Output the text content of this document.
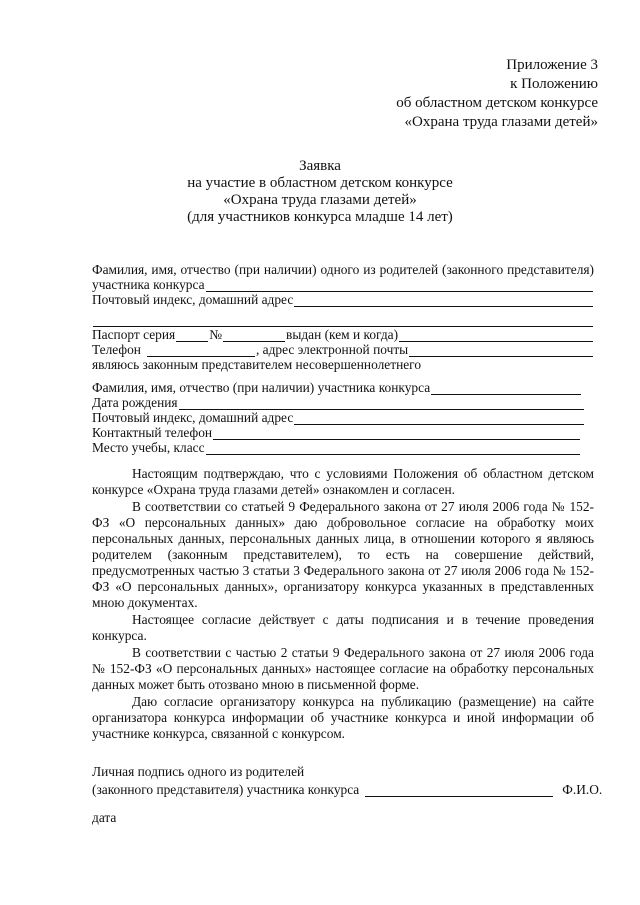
Приложение 3
к Положению
об областном детском конкурсе
«Охрана труда глазами детей»
Заявка
на участие в областном детском конкурсе
«Охрана труда глазами детей»
(для участников конкурса младше 14 лет)
Фамилия, имя, отчество (при наличии) одного из родителей (законного представителя)
участника конкурса
Почтовый индекс, домашний адрес
Паспорт серия	№	выдан (кем и когда)
Телефон	, адрес электронной почты
являюсь законным представителем несовершеннолетнего
Фамилия, имя, отчество (при наличии) участника конкурса
Дата рождения
Почтовый индекс, домашний адрес
Контактный телефон
Место учебы, класс

Настоящим подтверждаю, что с условиями Положения об областном детском конкурсе «Охрана труда глазами детей» ознакомлен и согласен.

В соответствии со статьей 9 Федерального закона от 27 июля 2006 года № 152-ФЗ «О персональных данных» даю добровольное согласие на обработку моих персональных данных, персональных данных лица, в отношении которого я являюсь родителем (законным представителем), то есть на совершение действий, предусмотренных частью 3 статьи 3 Федерального закона от 27 июля 2006 года № 152-ФЗ «О персональных данных», организатору конкурса указанных в представленных мною документах.

Настоящее согласие действует с даты подписания и в течение проведения конкурса.

В соответствии с частью 2 статьи 9 Федерального закона от 27 июля 2006 года № 152-ФЗ «О персональных данных» настоящее согласие на обработку персональных данных может быть отозвано мною в письменной форме.

Даю согласие организатору конкурса на публикацию (размещение) на сайте организатора конкурса информации об участнике конкурса и иной информации об участнике конкурса, связанной с конкурсом.

Личная подпись одного из родителей
(законного представителя) участника конкурса	Ф.И.О.
дата
